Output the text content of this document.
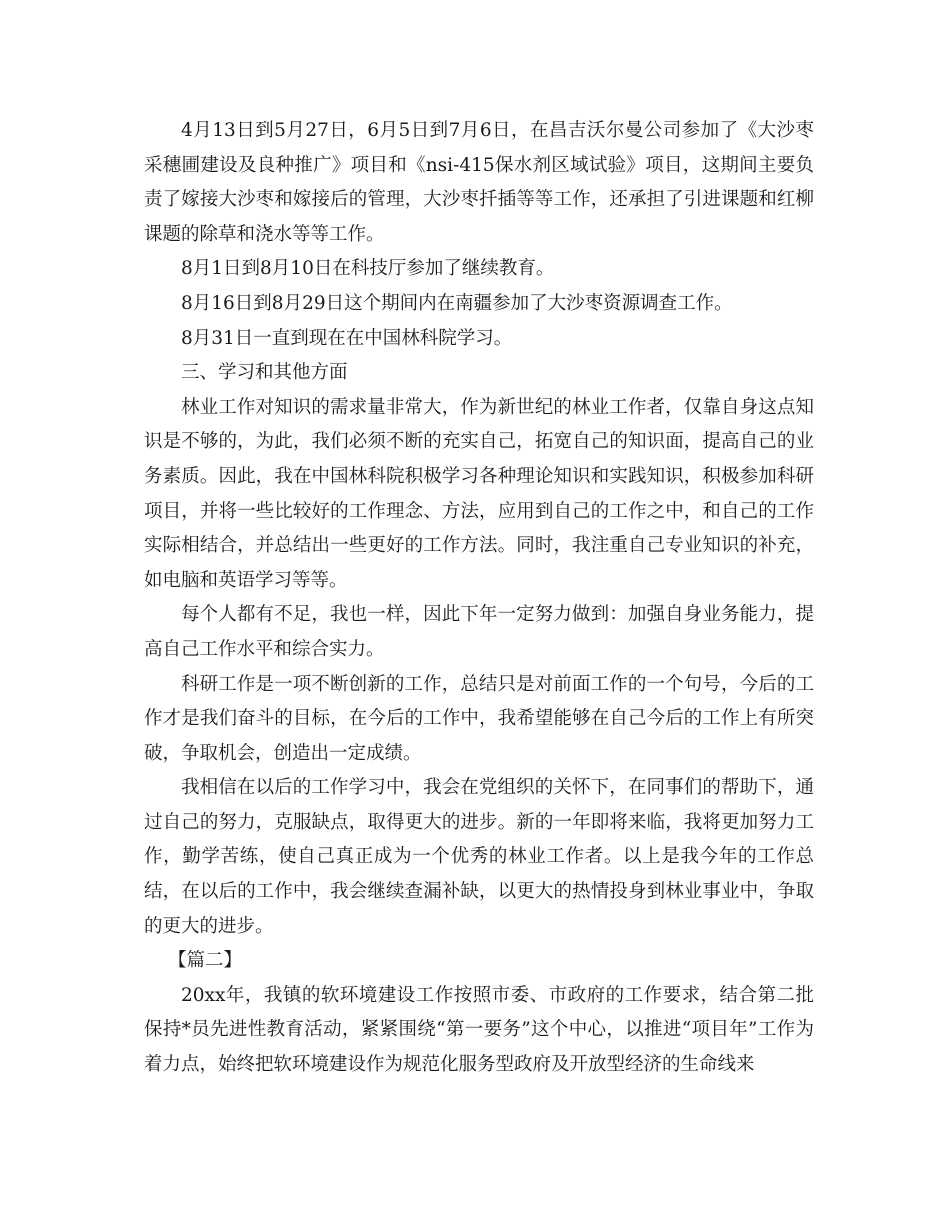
4月13日到5月27日，6月5日到7月6日，在昌吉沃尔曼公司参加了《大沙枣采穗圃建设及良种推广》项目和《nsi-415保水剂区域试验》项目，这期间主要负责了嫁接大沙枣和嫁接后的管理，大沙枣扦插等等工作，还承担了引进课题和红柳课题的除草和浇水等等工作。

8月1日到8月10日在科技厅参加了继续教育。

8月16日到8月29日这个期间内在南疆参加了大沙枣资源调查工作。

8月31日一直到现在在中国林科院学习。

三、学习和其他方面

林业工作对知识的需求量非常大，作为新世纪的林业工作者，仅靠自身这点知识是不够的，为此，我们必须不断的充实自己，拓宽自己的知识面，提高自己的业务素质。因此，我在中国林科院积极学习各种理论知识和实践知识，积极参加科研项目，并将一些比较好的工作理念、方法，应用到自己的工作之中，和自己的工作实际相结合，并总结出一些更好的工作方法。同时，我注重自己专业知识的补充，如电脑和英语学习等等。

每个人都有不足，我也一样，因此下年一定努力做到：加强自身业务能力，提高自己工作水平和综合实力。

科研工作是一项不断创新的工作，总结只是对前面工作的一个句号，今后的工作才是我们奋斗的目标，在今后的工作中，我希望能够在自己今后的工作上有所突破，争取机会，创造出一定成绩。

我相信在以后的工作学习中，我会在党组织的关怀下，在同事们的帮助下，通过自己的努力，克服缺点，取得更大的进步。新的一年即将来临，我将更加努力工作，勤学苦练，使自己真正成为一个优秀的林业工作者。以上是我今年的工作总结，在以后的工作中，我会继续查漏补缺，以更大的热情投身到林业事业中，争取的更大的进步。

【篇二】

20xx年，我镇的软环境建设工作按照市委、市政府的工作要求，结合第二批保持*员先进性教育活动，紧紧围绕“第一要务”这个中心，以推进“项目年”工作为着力点，始终把软环境建设作为规范化服务型政府及开放型经济的生命线来
